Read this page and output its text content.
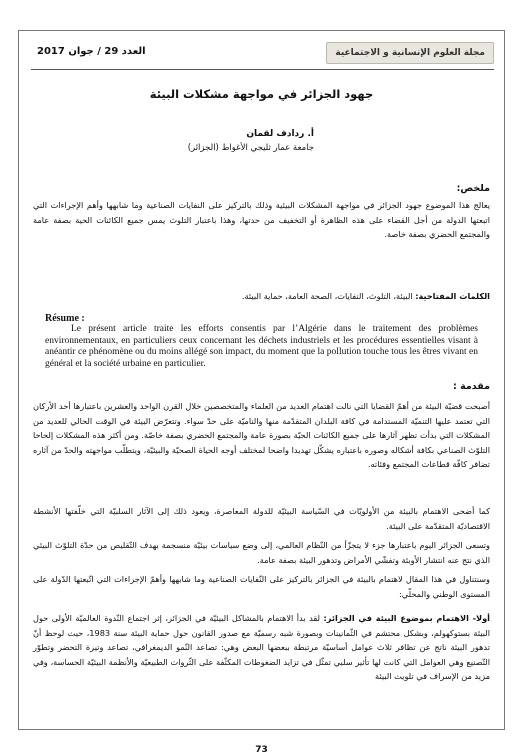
العدد 29 / جوان 2017	مجلة العلوم الإنسانية و الاجتماعية
جهود الجزائر في مواجهة مشكلات البيئة
أ. ردادف لقمان
جامعة عمار ثليجي الأغواط (الجزائر)
ملخص:
يعالج هذا الموضوع جهود الجزائر في مواجهة المشكلات البيئية وذلك بالتركيز على النفايات الصناعية وما شابهها وأهم الإجراءات التي اتبعتها الدولة من أجل القضاء على هذه الظاهرة أو التخفيف من حدتها، وهذا باعتبار التلوث يمس جميع الكائنات الحية بصفة عامة والمجتمع الحضري بصفة خاصة.
الكلمات المفتاحية: البيئة، التلوث، النفايات، الصحة العامة، حماية البيئة.
Résume :
Le présent article traite les efforts consentis par l’Algérie dans le traitement des problèmes environnementaux, en particuliers ceux concernant les déchets industriels et les procédures essentielles visant à anéantir ce phénomène ou du moins allégé son impact, du moment que la pollution touche tous les êtres vivant en général et la société urbaine en particulier.
مقدمة :
أصبحت قضيّة البيئة من أهمّ القضايا التي نالت اهتمام العديد من العلماء والمتخصصين خلال القرن الواحد والعشرين باعتبارها أحد الأركان التي تعتمد عليها التنميّة المستدامة في كافة البلدان المتقدّمة منها والناميّة على حدّ سواء. وتتعرّض البيئة في الوقت الحالي للعديد من المشكلات التي بدأت تظهر آثارها على جميع الكائنات الحيّة بصورة عامة والمجتمع الحضري بصفة خاصّة. ومن أكثر هذه المشكلات إلحاحا التلوّث الصناعي بكافة أشكاله وصوره باعتباره يشكّل تهديدا واضحا لمختلف أوجه الحياة الصحيّة والبيئيّة، ويتطلّب مواجهته والحدّ من آثاره تضافر كافّة قطاعات المجتمع وفئاته.
كما أضحى الاهتمام بالبيئة من الأولويّات في السّياسة البيئيّة للدولة المعاصرة، ويعود ذلك إلى الآثار السلبيّة التي خلّفتها الأنشطة الاقتصاديّة المتقدّمة على البيئة.
وتسعى الجزائر اليوم باعتبارها جزء لا يتجزّأ من النّظام العالمي، إلى وضع سياسات بيئيّة منسجمة بهدف التّقليص من حدّة التلوّث البيئي الذي نتج عنه انتشار الأوبئة وتفشّي الأمراض وتدهور البيئة بصفة عامة.
وسنتناول في هذا المقال لاهتمام بالبيئة في الجزائر بالتركيز على النّفايات الصناعية وما شابهها وأهمّ الإجراءات التي اتّبعتها الدّولة على المستوى الوطني والمحلّي:
أولا- الاهتمام بموضوع البيئة في الجزائر: لقد بدأ الاهتمام بالمشاكل البيئيّة في الجزائر، إثر اجتماع النّدوة العالميّة الأولى حول البيئة بستوكهولم، وبشكل محتشم في الثّمانينات وبصورة شبه رسميّة مع صدور القانون حول حماية البيئة سنة 1983، حيث لوحظ أنّ تدهور البيئة ناتج عن تظافر ثلاث عوامل أساسيّة مرتبطة ببعضها البعض وهي: تصاعد النّمو الديمغرافي، تصاعد وتيرة التحضر وتطوّر التّصنيع وهي العوامل التي كانت لها تأثير سلبي تمثّل في تزايد الضغوطات المكثّفة على الثّروات الطبيعيّة والأنظمة البيئيّة الحساسة، وفي مزيد من الإسراف في تلويث البيئة
73
